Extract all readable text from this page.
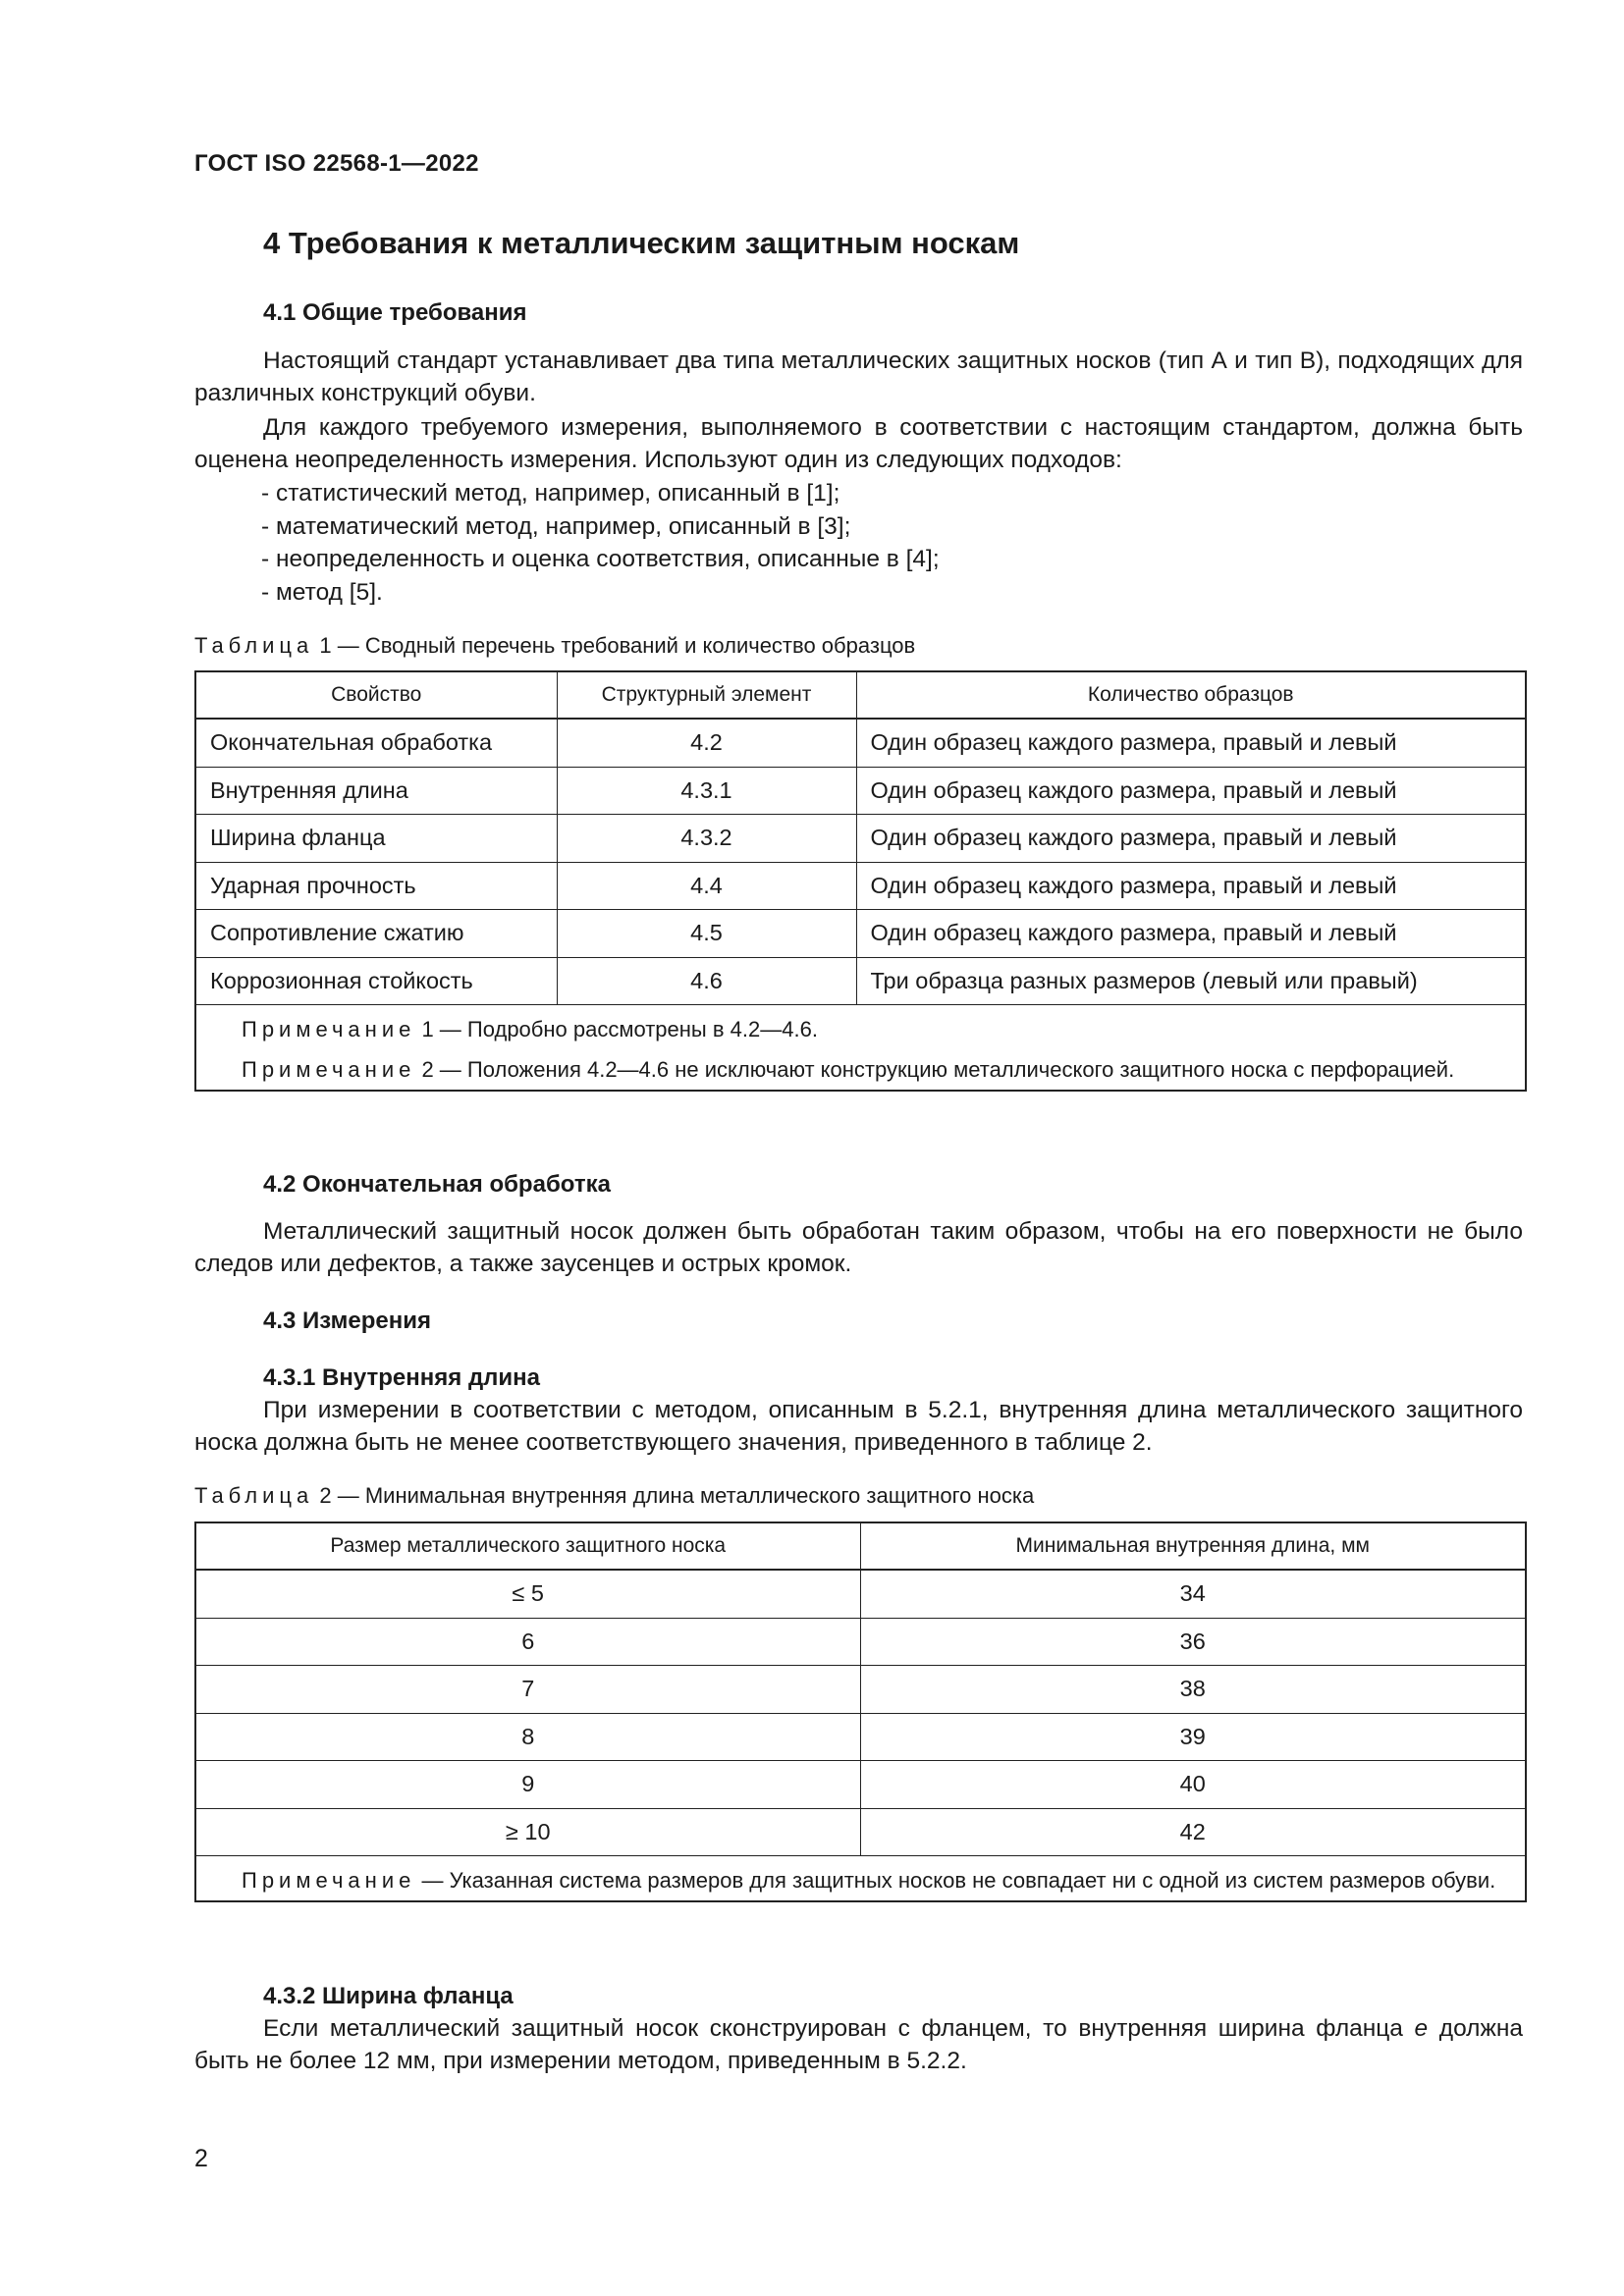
ГОСТ ISO 22568-1—2022
4 Требования к металлическим защитным носкам
4.1 Общие требования
Настоящий стандарт устанавливает два типа металлических защитных носков (тип А и тип В), подходящих для различных конструкций обуви.
Для каждого требуемого измерения, выполняемого в соответствии с настоящим стандартом, должна быть оценена неопределенность измерения. Используют один из следующих подходов:
- статистический метод, например, описанный в [1];
- математический метод, например, описанный в [3];
- неопределенность и оценка соответствия, описанные в [4];
- метод [5].
Таблица 1 — Сводный перечень требований и количество образцов
Свойство	Структурный элемент	Количество образцов
Окончательная обработка	4.2	Один образец каждого размера, правый и левый
Внутренняя длина	4.3.1	Один образец каждого размера, правый и левый
Ширина фланца	4.3.2	Один образец каждого размера, правый и левый
Ударная прочность	4.4	Один образец каждого размера, правый и левый
Сопротивление сжатию	4.5	Один образец каждого размера, правый и левый
Коррозионная стойкость	4.6	Три образца разных размеров (левый или правый)

Примечание 1 — Подробно рассмотрены в 4.2—4.6.
Примечание 2 — Положения 4.2—4.6 не исключают конструкцию металлического защитного носка с перфорацией.		
4.2 Окончательная обработка
Металлический защитный носок должен быть обработан таким образом, чтобы на его поверхности не было следов или дефектов, а также заусенцев и острых кромок.
4.3 Измерения
4.3.1 Внутренняя длина
При измерении в соответствии с методом, описанным в 5.2.1, внутренняя длина металлического защитного носка должна быть не менее соответствующего значения, приведенного в таблице 2.
Таблица 2 — Минимальная внутренняя длина металлического защитного носка
Размер металлического защитного носка	Минимальная внутренняя длина, мм
≤ 5	34
6	36
7	38
8	39
9	40
≥ 10	42
Примечание — Указанная система размеров для защитных носков не совпадает ни с одной из систем размеров обуви.	
4.3.2 Ширина фланца
Если металлический защитный носок сконструирован с фланцем, то внутренняя ширина фланца e должна быть не более 12 мм, при измерении методом, приведенным в 5.2.2.
2
